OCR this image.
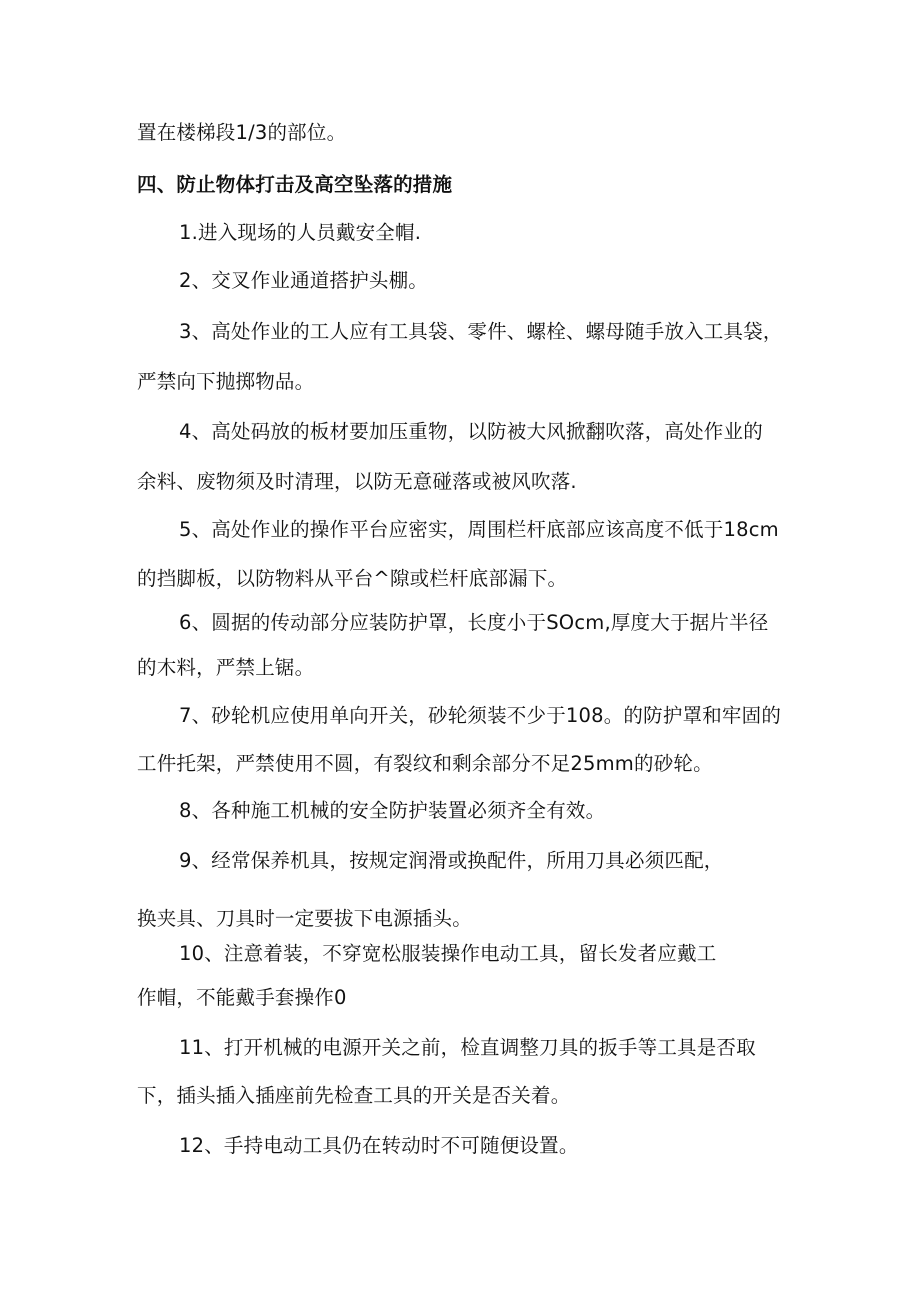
置在楼梯段1/3的部位。
四、防止物体打击及高空坠落的措施
1.进入现场的人员戴安全帽.
2、交叉作业通道搭护头棚。
3、高处作业的工人应有工具袋、零件、螺栓、螺母随手放入工具袋，
严禁向下抛掷物品。
4、高处码放的板材要加压重物，以防被大风掀翻吹落，高处作业的
余料、废物须及时清理，以防无意碰落或被风吹落.
5、高处作业的操作平台应密实，周围栏杆底部应该高度不低于18cm
的挡脚板，以防物料从平台^隙或栏杆底部漏下。
6、圆据的传动部分应装防护罩，长度小于SOcm,厚度大于据片半径
的木料，严禁上锯。
7、砂轮机应使用单向开关，砂轮须装不少于108。的防护罩和牢固的
工件托架，严禁使用不圆，有裂纹和剩余部分不足25mm的砂轮。
8、各种施工机械的安全防护装置必须齐全有效。
9、经常保养机具，按规定润滑或换配件，所用刀具必须匹配，
换夹具、刀具时一定要拔下电源插头。
10、注意着装，不穿宽松服装操作电动工具，留长发者应戴工
作帽，不能戴手套操作0
11、打开机械的电源开关之前，检直调整刀具的扳手等工具是否取
下，插头插入插座前先检查工具的开关是否关着。
12、手持电动工具仍在转动时不可随便设置。
